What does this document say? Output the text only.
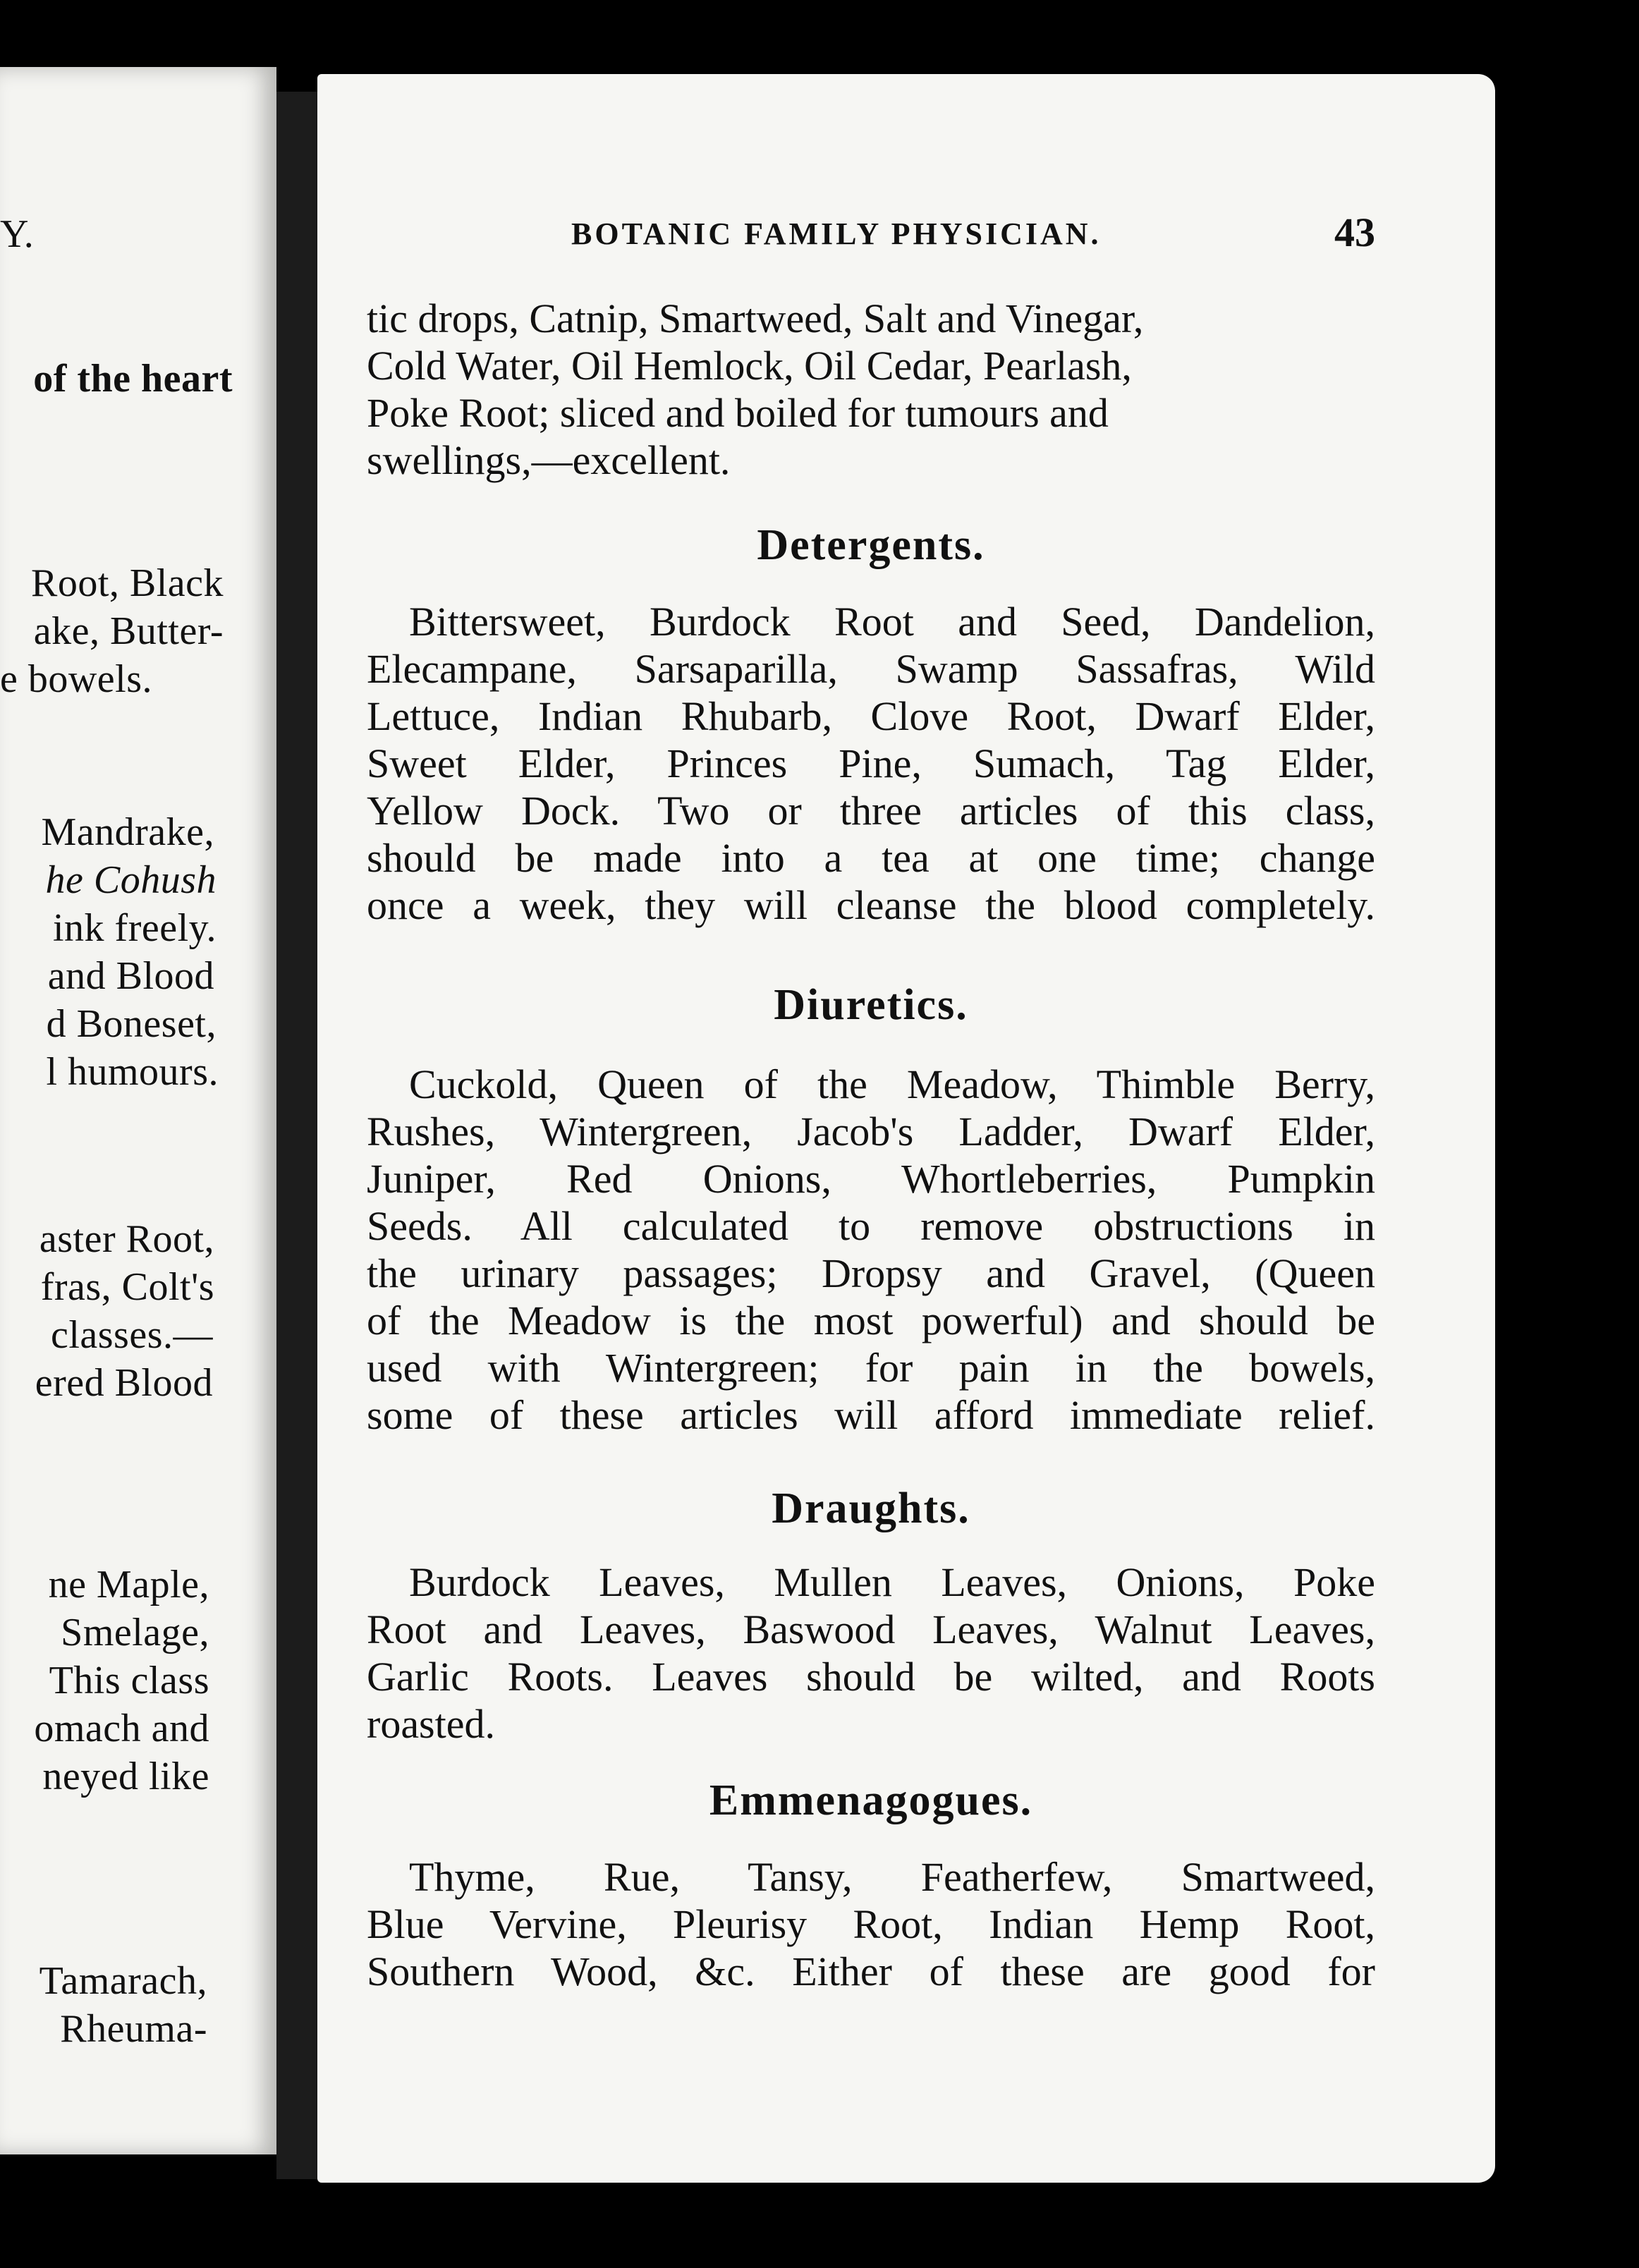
Y.
of the heart
Root, Black
ake, Butter-
e bowels.
Mandrake,
he Cohush
ink freely.
and Blood
d Boneset,
l humours.
aster Root,
fras, Colt's
classes.—
ered Blood
ne Maple,
Smelage,
This class
omach and
neyed like
Tamarach,
Rheuma-
BOTANIC FAMILY PHYSICIAN.	43
tic drops, Catnip, Smartweed, Salt and Vinegar,
Cold Water, Oil Hemlock, Oil Cedar, Pearlash,
Poke Root; sliced and boiled for tumours and
swellings,—excellent.
Detergents.
Bittersweet, Burdock Root and Seed, Dandelion,
Elecampane, Sarsaparilla, Swamp Sassafras, Wild
Lettuce, Indian Rhubarb, Clove Root, Dwarf Elder,
Sweet Elder, Princes Pine, Sumach, Tag Elder,
Yellow Dock. Two or three articles of this class,
should be made into a tea at one time; change
once a week, they will cleanse the blood completely.
Diuretics.
Cuckold, Queen of the Meadow, Thimble Berry,
Rushes, Wintergreen, Jacob's Ladder, Dwarf Elder,
Juniper, Red Onions, Whortleberries, Pumpkin
Seeds. All calculated to remove obstructions in
the urinary passages; Dropsy and Gravel, (Queen
of the Meadow is the most powerful) and should be
used with Wintergreen; for pain in the bowels,
some of these articles will afford immediate relief.
Draughts.
Burdock Leaves, Mullen Leaves, Onions, Poke
Root and Leaves, Baswood Leaves, Walnut Leaves,
Garlic Roots. Leaves should be wilted, and Roots
roasted.
Emmenagogues.
Thyme, Rue, Tansy, Featherfew, Smartweed,
Blue Vervine, Pleurisy Root, Indian Hemp Root,
Southern Wood, &c. Either of these are good for
